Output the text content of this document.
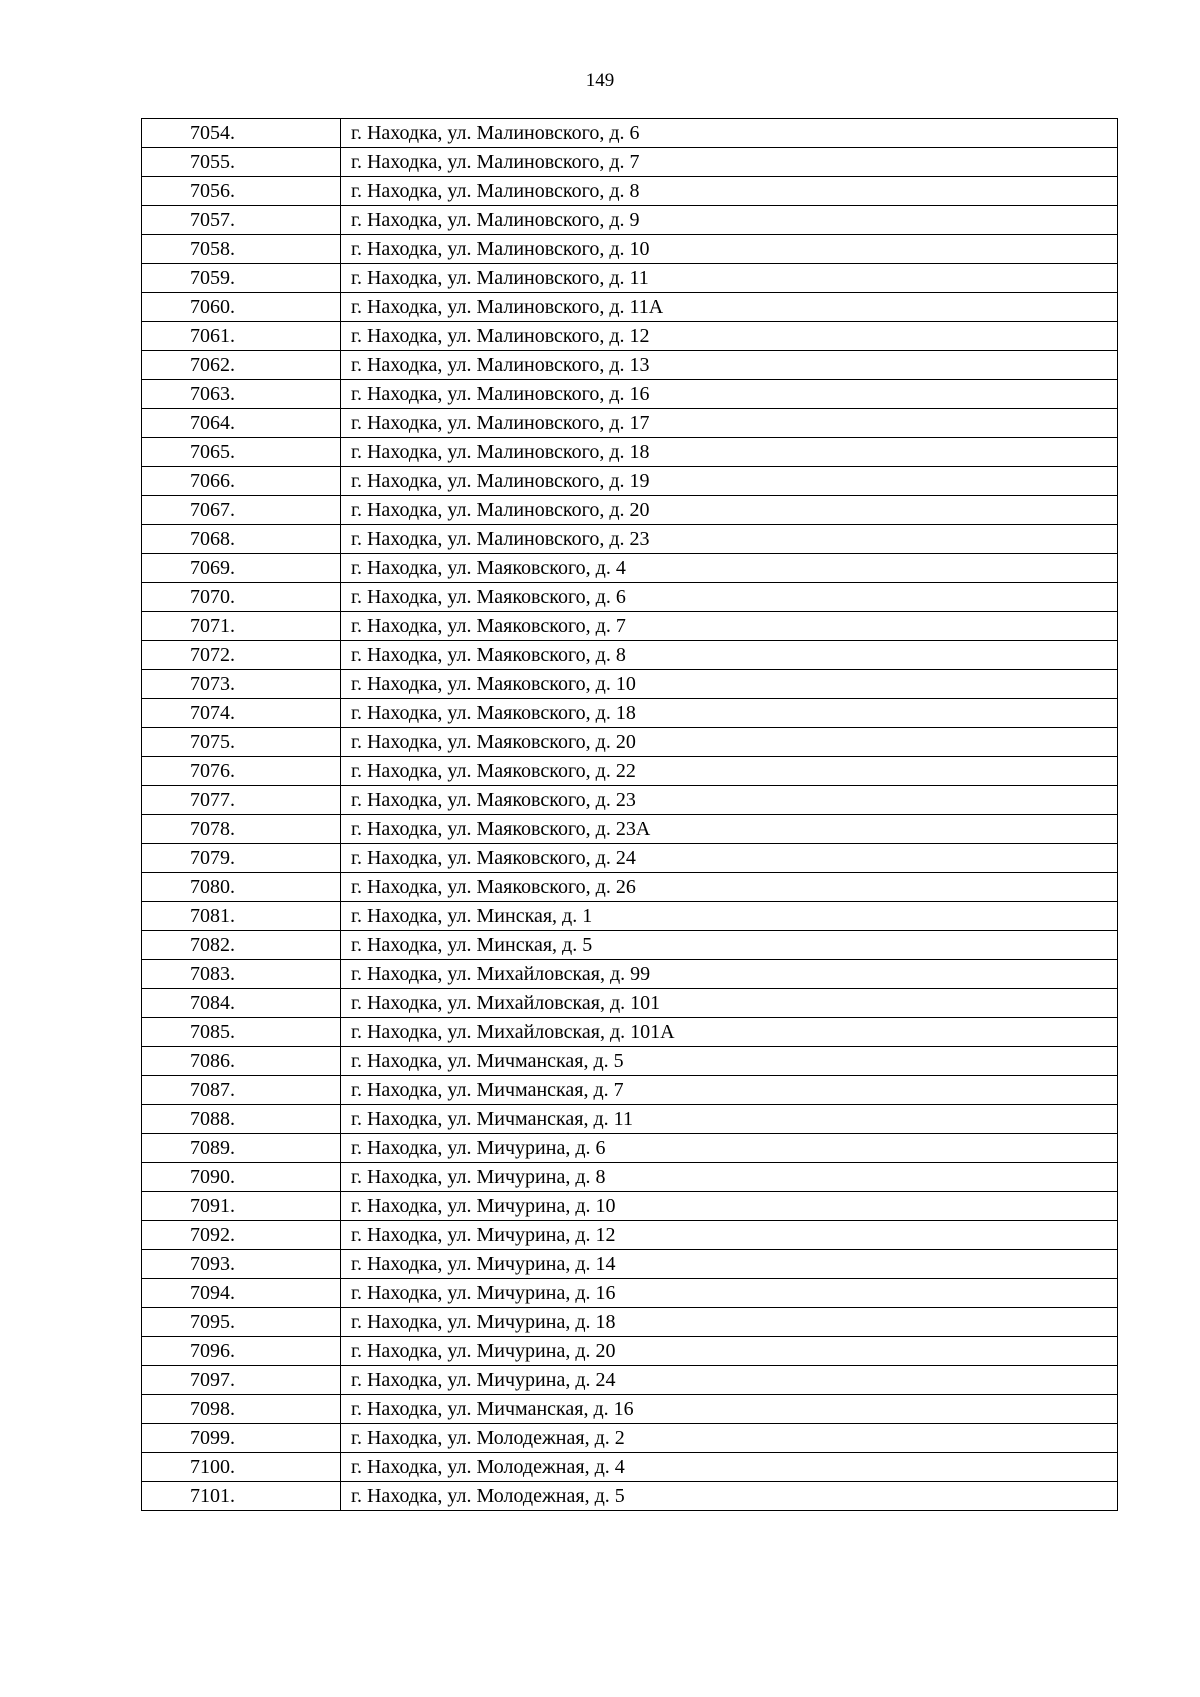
149
7054.	г. Находка, ул. Малиновского, д. 6
7055.	г. Находка, ул. Малиновского, д. 7
7056.	г. Находка, ул. Малиновского, д. 8
7057.	г. Находка, ул. Малиновского, д. 9
7058.	г. Находка, ул. Малиновского, д. 10
7059.	г. Находка, ул. Малиновского, д. 11
7060.	г. Находка, ул. Малиновского, д. 11А
7061.	г. Находка, ул. Малиновского, д. 12
7062.	г. Находка, ул. Малиновского, д. 13
7063.	г. Находка, ул. Малиновского, д. 16
7064.	г. Находка, ул. Малиновского, д. 17
7065.	г. Находка, ул. Малиновского, д. 18
7066.	г. Находка, ул. Малиновского, д. 19
7067.	г. Находка, ул. Малиновского, д. 20
7068.	г. Находка, ул. Малиновского, д. 23
7069.	г. Находка, ул. Маяковского, д. 4
7070.	г. Находка, ул. Маяковского, д. 6
7071.	г. Находка, ул. Маяковского, д. 7
7072.	г. Находка, ул. Маяковского, д. 8
7073.	г. Находка, ул. Маяковского, д. 10
7074.	г. Находка, ул. Маяковского, д. 18
7075.	г. Находка, ул. Маяковского, д. 20
7076.	г. Находка, ул. Маяковского, д. 22
7077.	г. Находка, ул. Маяковского, д. 23
7078.	г. Находка, ул. Маяковского, д. 23А
7079.	г. Находка, ул. Маяковского, д. 24
7080.	г. Находка, ул. Маяковского, д. 26
7081.	г. Находка, ул. Минская, д. 1
7082.	г. Находка, ул. Минская, д. 5
7083.	г. Находка, ул. Михайловская, д. 99
7084.	г. Находка, ул. Михайловская, д. 101
7085.	г. Находка, ул. Михайловская, д. 101А
7086.	г. Находка, ул. Мичманская, д. 5
7087.	г. Находка, ул. Мичманская, д. 7
7088.	г. Находка, ул. Мичманская, д. 11
7089.	г. Находка, ул. Мичурина, д. 6
7090.	г. Находка, ул. Мичурина, д. 8
7091.	г. Находка, ул. Мичурина, д. 10
7092.	г. Находка, ул. Мичурина, д. 12
7093.	г. Находка, ул. Мичурина, д. 14
7094.	г. Находка, ул. Мичурина, д. 16
7095.	г. Находка, ул. Мичурина, д. 18
7096.	г. Находка, ул. Мичурина, д. 20
7097.	г. Находка, ул. Мичурина, д. 24
7098.	г. Находка, ул. Мичманская, д. 16
7099.	г. Находка, ул. Молодежная, д. 2
7100.	г. Находка, ул. Молодежная, д. 4
7101.	г. Находка, ул. Молодежная, д. 5
